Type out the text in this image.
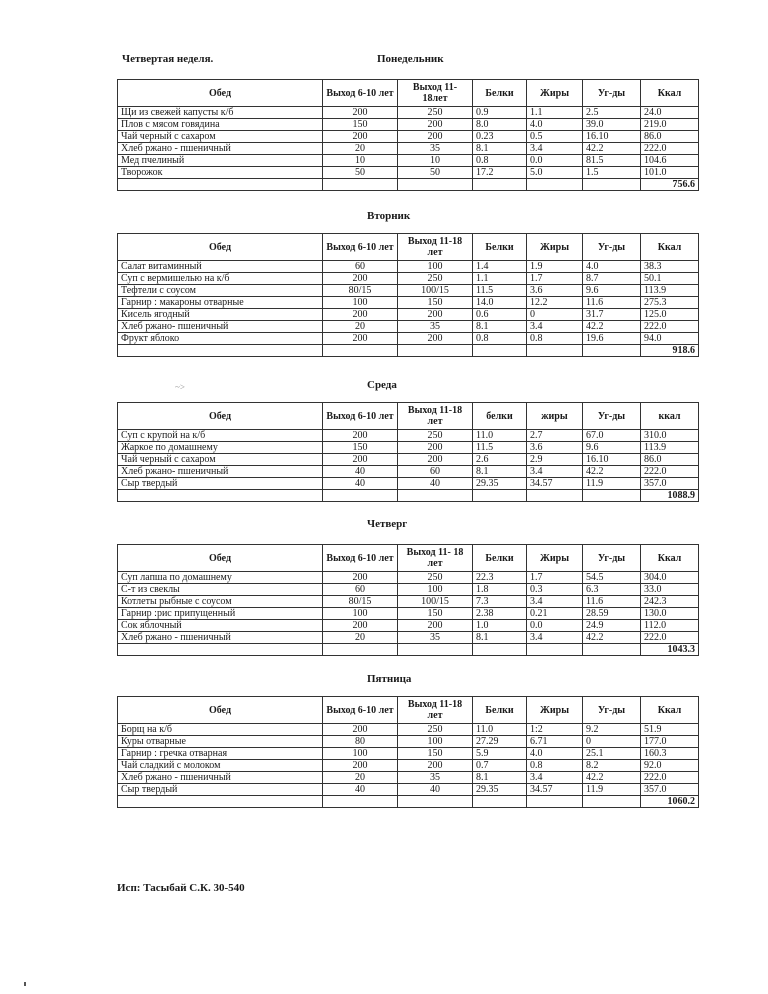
Четвертая неделя.	Понедельник
Обед	Выход 6-10 лет	Выход 11-18лет	Белки	Жиры	Уг-ды	Ккал
Щи из свежей капусты к/б	200	250	0.9	1.1	2.5	24.0
Плов с мясом говядина	150	200	8.0	4.0	39.0	219.0
Чай черный с сахаром	200	200	0.23	0.5	16.10	86.0
Хлеб ржано - пшеничный	20	35	8.1	3.4	42.2	222.0
Мед пчелиный	10	10	0.8	0.0	81.5	104.6
Творожок	50	50	17.2	5.0	1.5	101.0
						756.6
Вторник
Обед	Выход 6-10 лет	Выход 11-18 лет	Белки	Жиры	Уг-ды	Ккал
Салат витаминный	60	100	1.4	1.9	4.0	38.3
Суп с вермишелью на к/б	200	250	1.1	1.7	8.7	50.1
Тефтели с соусом	80/15	100/15	11.5	3.6	9.6	113.9
Гарнир : макароны отварные	100	150	14.0	12.2	11.6	275.3
Кисель ягодный	200	200	0.6	0	31.7	125.0
Хлеб ржано- пшеничный	20	35	8.1	3.4	42.2	222.0
Фрукт яблоко	200	200	0.8	0.8	19.6	94.0
						918.6
Среда
Обед	Выход 6-10 лет	Выход 11-18 лет	белки	жиры	Уг-ды	ккал
Суп с крупой на к/б	200	250	11.0	2.7	67.0	310.0
Жаркое по домашнему	150	200	11.5	3.6	9.6	113.9
Чай черный с сахаром	200	200	2.6	2.9	16.10	86.0
Хлеб ржано- пшеничный	40	60	8.1	3.4	42.2	222.0
Сыр твердый	40	40	29.35	34.57	11.9	357.0
						1088.9
Четверг
Обед	Выход 6-10 лет	Выход 11- 18 лет	Белки	Жиры	Уг-ды	Ккал
Суп лапша по домашнему	200	250	22.3	1.7	54.5	304.0
С-т из свеклы	60	100	1.8	0.3	6.3	33.0
Котлеты рыбные с соусом	80/15	100/15	7.3	3.4	11.6	242.3
Гарнир :рис припущенный	100	150	2.38	0.21	28.59	130.0
Сок яблочный	200	200	1.0	0.0	24.9	112.0
Хлеб ржано - пшеничный	20	35	8.1	3.4	42.2	222.0
						1043.3
Пятница
Обед	Выход 6-10 лет	Выход 11-18 лет	Белки	Жиры	Уг-ды	Ккал
Борщ на к/б	200	250	11.0	1:2	9.2	51.9
Куры отварные	80	100	27.29	6.71	0	177.0
Гарнир : гречка отварная	100	150	5.9	4.0	25.1	160.3
Чай сладкий с молоком	200	200	0.7	0.8	8.2	92.0
Хлеб ржано - пшеничный	20	35	8.1	3.4	42.2	222.0
Сыр твердый	40	40	29.35	34.57	11.9	357.0
						1060.2
~>
Исп: Тасыбай С.К. 30-540
